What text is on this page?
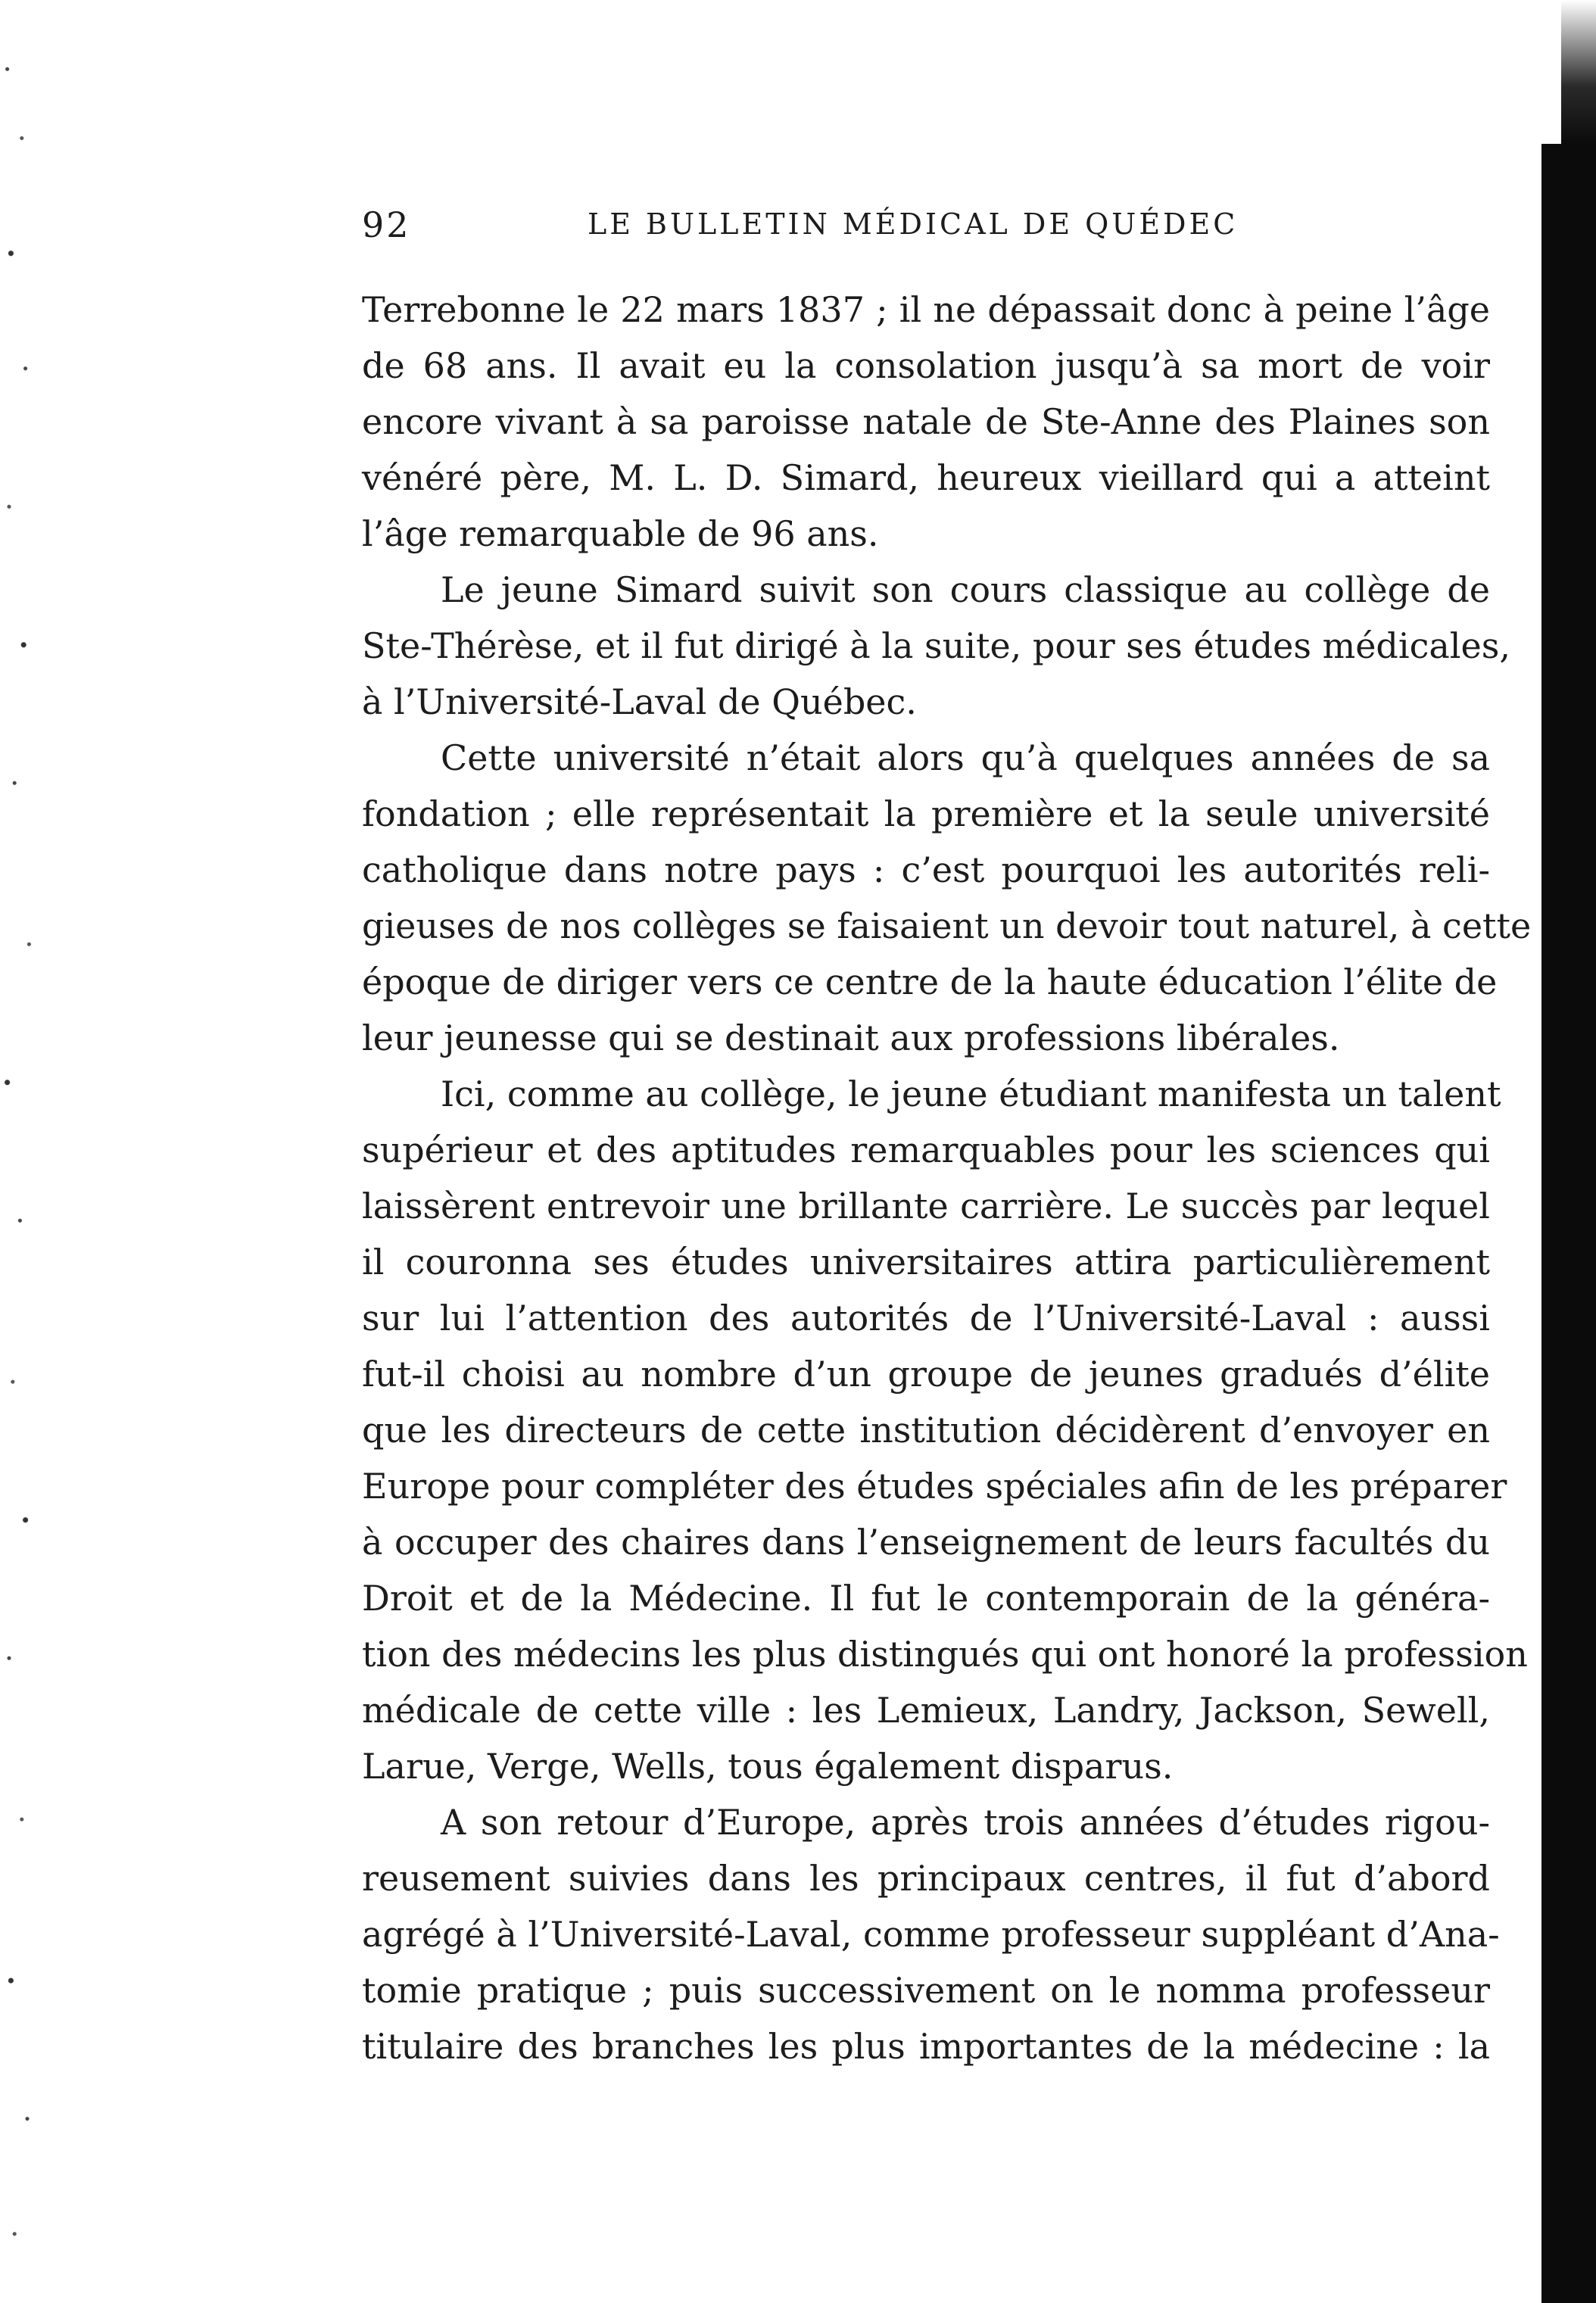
92	LE BULLETIN MÉDICAL DE QUÉDEC
Terrebonne le 22 mars 1837 ; il ne dépassait donc à peine l’âge
de 68 ans. Il avait eu la consolation jusqu’à sa mort de voir
encore vivant à sa paroisse natale de Ste-Anne des Plaines son
vénéré père, M. L. D. Simard, heureux vieillard qui a atteint
l’âge remarquable de 96 ans.
Le jeune Simard suivit son cours classique au collège de
Ste-Thérèse, et il fut dirigé à la suite, pour ses études médicales,
à l’Université-Laval de Québec.
Cette université n’était alors qu’à quelques années de sa
fondation ; elle représentait la première et la seule université
catholique dans notre pays : c’est pourquoi les autorités reli-
gieuses de nos collèges se faisaient un devoir tout naturel, à cette
époque de diriger vers ce centre de la haute éducation l’élite de
leur jeunesse qui se destinait aux professions libérales.
Ici, comme au collège, le jeune étudiant manifesta un talent
supérieur et des aptitudes remarquables pour les sciences qui
laissèrent entrevoir une brillante carrière. Le succès par lequel
il couronna ses études universitaires attira particulièrement
sur lui l’attention des autorités de l’Université-Laval : aussi
fut-il choisi au nombre d’un groupe de jeunes gradués d’élite
que les directeurs de cette institution décidèrent d’envoyer en
Europe pour compléter des études spéciales afin de les préparer
à occuper des chaires dans l’enseignement de leurs facultés du
Droit et de la Médecine. Il fut le contemporain de la généra-
tion des médecins les plus distingués qui ont honoré la profession
médicale de cette ville : les Lemieux, Landry, Jackson, Sewell,
Larue, Verge, Wells, tous également disparus.
A son retour d’Europe, après trois années d’études rigou-
reusement suivies dans les principaux centres, il fut d’abord
agrégé à l’Université-Laval, comme professeur suppléant d’Ana-
tomie pratique ; puis successivement on le nomma professeur
titulaire des branches les plus importantes de la médecine : la
